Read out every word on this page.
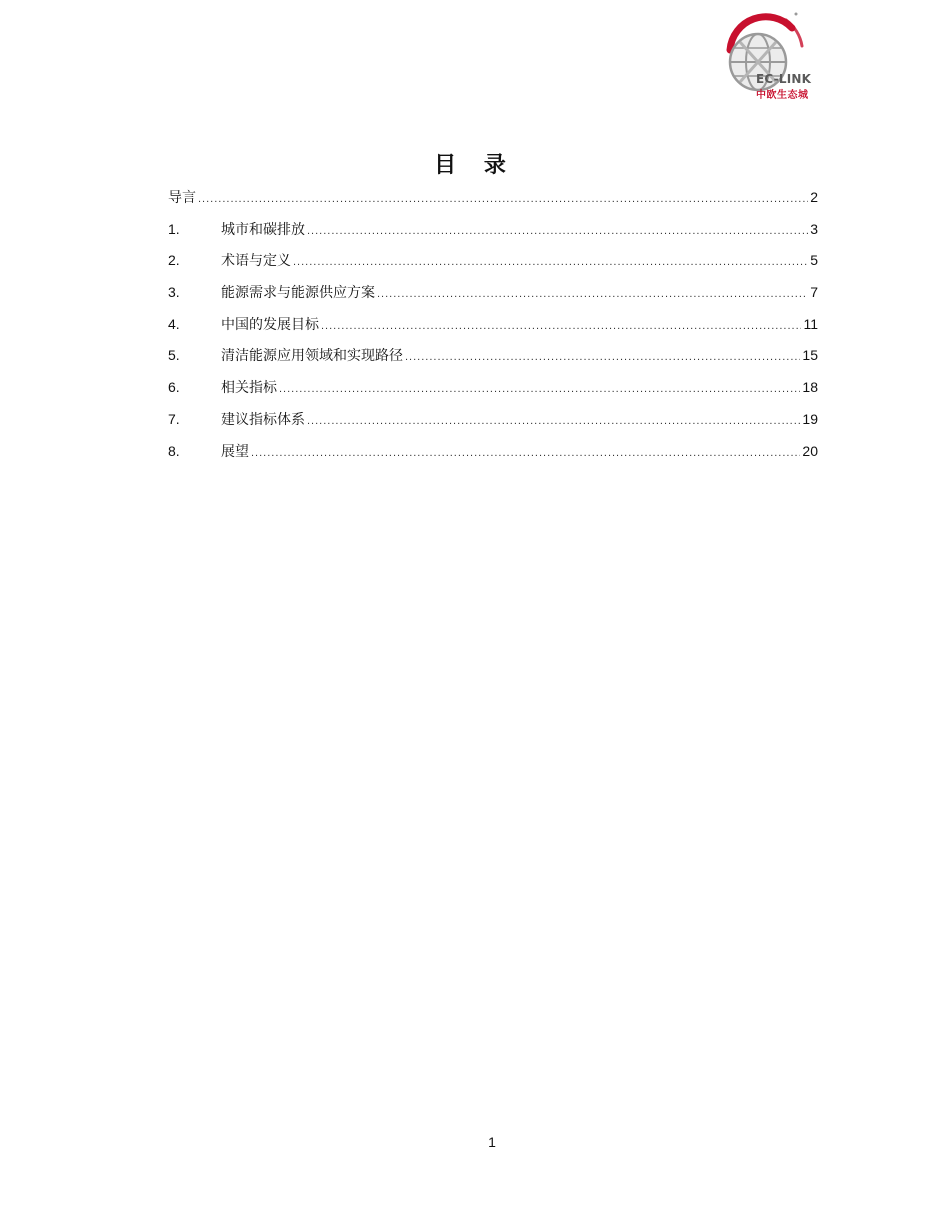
EC-LINK
中欧生态城
目 录
导言 .....	2
1.	城市和碳排放 .....	3
2.	术语与定义 .....	5
3.	能源需求与能源供应方案 .....	7
4.	中国的发展目标 .....	11
5.	清洁能源应用领域和实现路径 .....	15
6.	相关指标 .....	18
7.	建议指标体系 .....	19
8.	展望 .....	20
1
